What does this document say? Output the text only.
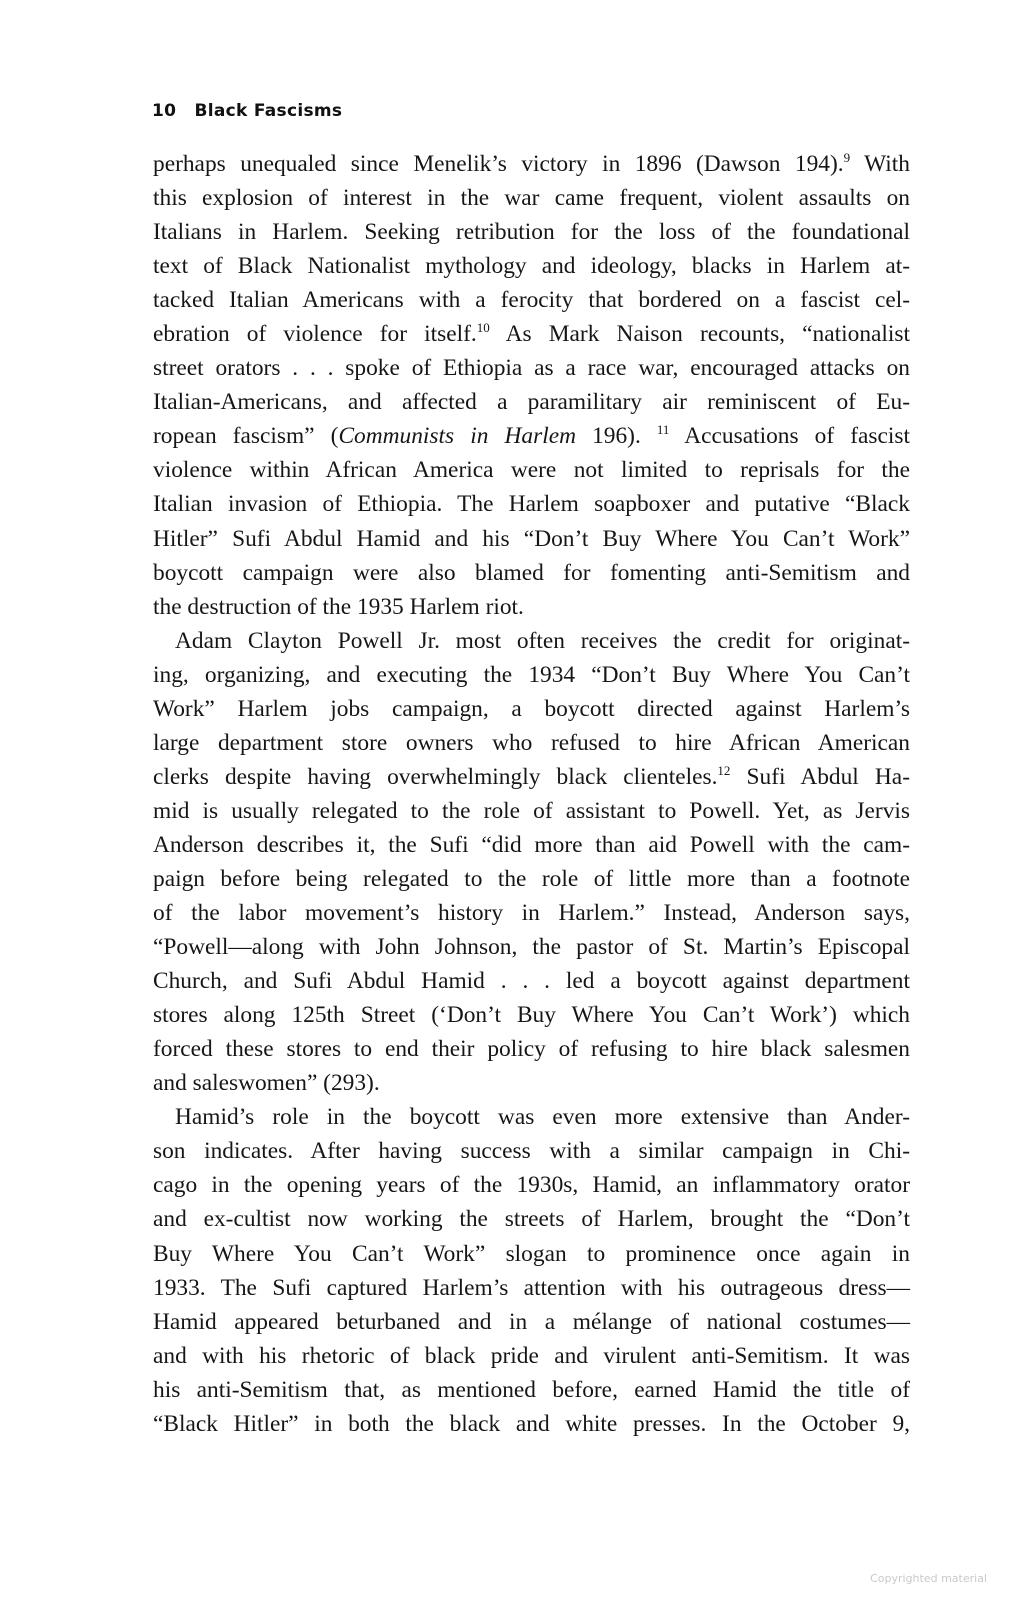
10 Black Fascisms
perhaps unequaled since Menelik’s victory in 1896 (Dawson 194).$^9$ With
this explosion of interest in the war came frequent, violent assaults on
Italians in Harlem. Seeking retribution for the loss of the foundational
text of Black Nationalist mythology and ideology, blacks in Harlem at-
tacked Italian Americans with a ferocity that bordered on a fascist cel-
ebration of violence for itself.$^{10}$ As Mark Naison recounts, “nationalist
street orators . . . spoke of Ethiopia as a race war, encouraged attacks on
Italian-Americans, and affected a paramilitary air reminiscent of Eu-
ropean fascism” (Communists in Harlem 196). $^{11}$ Accusations of fascist
violence within African America were not limited to reprisals for the
Italian invasion of Ethiopia. The Harlem soapboxer and putative “Black
Hitler” Sufi Abdul Hamid and his “Don’t Buy Where You Can’t Work”
boycott campaign were also blamed for fomenting anti-Semitism and
the destruction of the 1935 Harlem riot.
Adam Clayton Powell Jr. most often receives the credit for originat-
ing, organizing, and executing the 1934 “Don’t Buy Where You Can’t
Work” Harlem jobs campaign, a boycott directed against Harlem’s
large department store owners who refused to hire African American
clerks despite having overwhelmingly black clienteles.$^{12}$ Sufi Abdul Ha-
mid is usually relegated to the role of assistant to Powell. Yet, as Jervis
Anderson describes it, the Sufi “did more than aid Powell with the cam-
paign before being relegated to the role of little more than a footnote
of the labor movement’s history in Harlem.” Instead, Anderson says,
“Powell—along with John Johnson, the pastor of St. Martin’s Episcopal
Church, and Sufi Abdul Hamid . . . led a boycott against department
stores along 125th Street (‘Don’t Buy Where You Can’t Work’) which
forced these stores to end their policy of refusing to hire black salesmen
and saleswomen” (293).
Hamid’s role in the boycott was even more extensive than Ander-
son indicates. After having success with a similar campaign in Chi-
cago in the opening years of the 1930s, Hamid, an inflammatory orator
and ex-cultist now working the streets of Harlem, brought the “Don’t
Buy Where You Can’t Work” slogan to prominence once again in
1933. The Sufi captured Harlem’s attention with his outrageous dress—
Hamid appeared beturbaned and in a mélange of national costumes—
and with his rhetoric of black pride and virulent anti-Semitism. It was
his anti-Semitism that, as mentioned before, earned Hamid the title of
“Black Hitler” in both the black and white presses. In the October 9,
Copyrighted material
